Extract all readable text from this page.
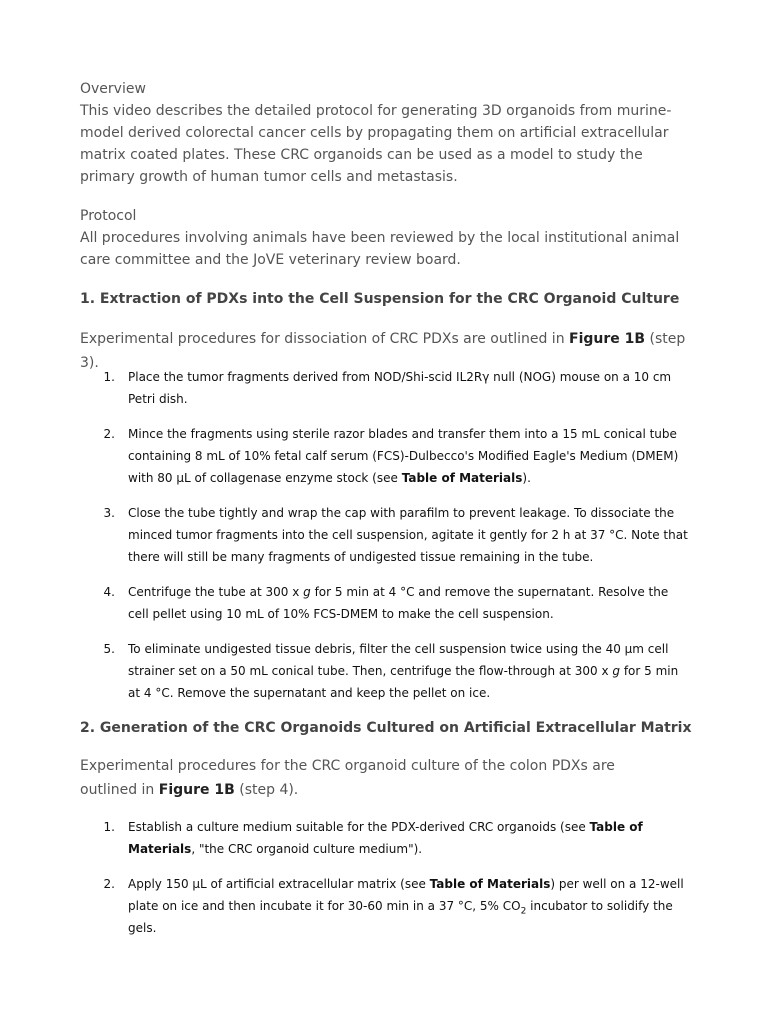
Overview

This video describes the detailed protocol for generating 3D organoids from murine-model derived colorectal cancer cells by propagating them on artificial extracellular matrix coated plates. These CRC organoids can be used as a model to study the primary growth of human tumor cells and metastasis.

Protocol

All procedures involving animals have been reviewed by the local institutional animal care committee and the JoVE veterinary review board.

1. Extraction of PDXs into the Cell Suspension for the CRC Organoid Culture

Experimental procedures for dissociation of CRC PDXs are outlined in Figure 1B (step 3).

1. Place the tumor fragments derived from NOD/Shi-scid IL2Rγ null (NOG) mouse on a 10 cm Petri dish.
2. Mince the fragments using sterile razor blades and transfer them into a 15 mL conical tube containing 8 mL of 10% fetal calf serum (FCS)-Dulbecco's Modified Eagle's Medium (DMEM) with 80 µL of collagenase enzyme stock (see Table of Materials).
3. Close the tube tightly and wrap the cap with parafilm to prevent leakage. To dissociate the minced tumor fragments into the cell suspension, agitate it gently for 2 h at 37 °C. Note that there will still be many fragments of undigested tissue remaining in the tube.
4. Centrifuge the tube at 300 x g for 5 min at 4 °C and remove the supernatant. Resolve the cell pellet using 10 mL of 10% FCS-DMEM to make the cell suspension.
5. To eliminate undigested tissue debris, filter the cell suspension twice using the 40 µm cell strainer set on a 50 mL conical tube. Then, centrifuge the flow-through at 300 x g for 5 min at 4 °C. Remove the supernatant and keep the pellet on ice.
2. Generation of the CRC Organoids Cultured on Artificial Extracellular Matrix

Experimental procedures for the CRC organoid culture of the colon PDXs are outlined in Figure 1B (step 4).

1. Establish a culture medium suitable for the PDX-derived CRC organoids (see Table of Materials, "the CRC organoid culture medium").
2. Apply 150 µL of artificial extracellular matrix (see Table of Materials) per well on a 12-well plate on ice and then incubate it for 30-60 min in a 37 °C, 5% $CO_2$ incubator to solidify the gels.
